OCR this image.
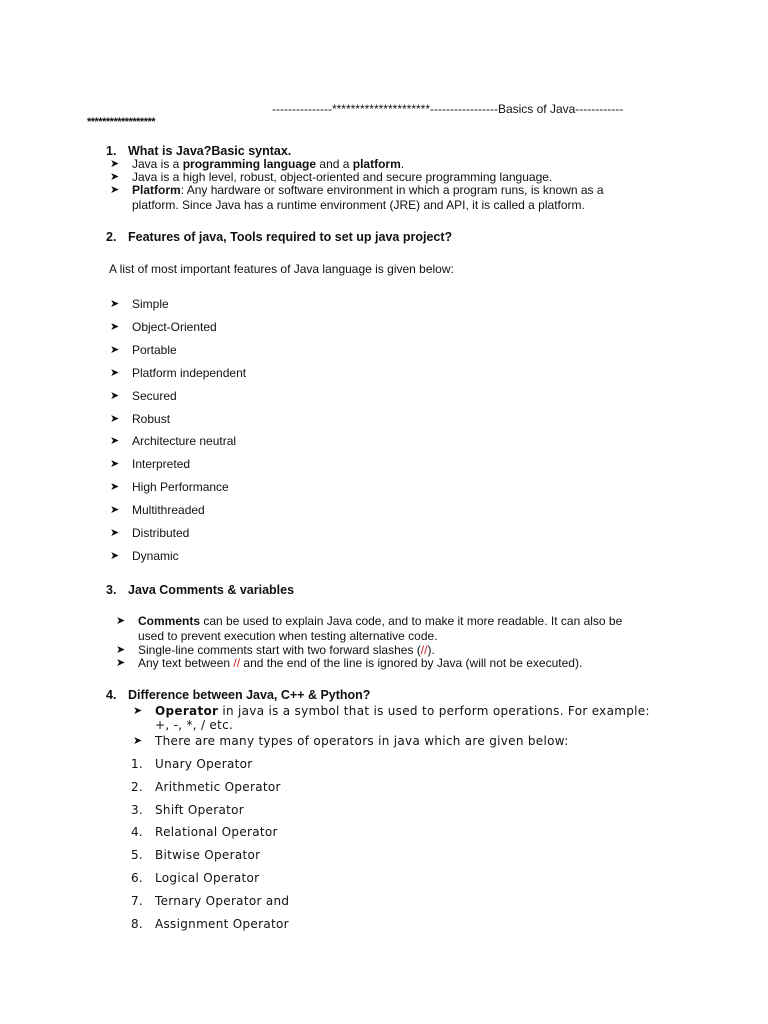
---------------*********************-----------------Basics of Java------------
******************
1. What is Java?Basic syntax.
➤ Java is a programming language and a platform.
➤ Java is a high level, robust, object-oriented and secure programming language.
➤ Platform: Any hardware or software environment in which a program runs, is known as a
platform. Since Java has a runtime environment (JRE) and API, it is called a platform.
2. Features of java, Tools required to set up java project?
A list of most important features of Java language is given below:
➤ Simple
➤ Object-Oriented
➤ Portable
➤ Platform independent
➤ Secured
➤ Robust
➤ Architecture neutral
➤ Interpreted
➤ High Performance
➤ Multithreaded
➤ Distributed
➤ Dynamic
3. Java Comments & variables
➤ Comments can be used to explain Java code, and to make it more readable. It can also be
used to prevent execution when testing alternative code.
➤ Single-line comments start with two forward slashes (//).
➤ Any text between // and the end of the line is ignored by Java (will not be executed).
4. Difference between Java, C++ & Python?
➤ Operator in java is a symbol that is used to perform operations. For example:
+, -, *, / etc.
➤ There are many types of operators in java which are given below:
1. Unary Operator
2. Arithmetic Operator
3. Shift Operator
4. Relational Operator
5. Bitwise Operator
6. Logical Operator
7. Ternary Operator and
8. Assignment Operator
